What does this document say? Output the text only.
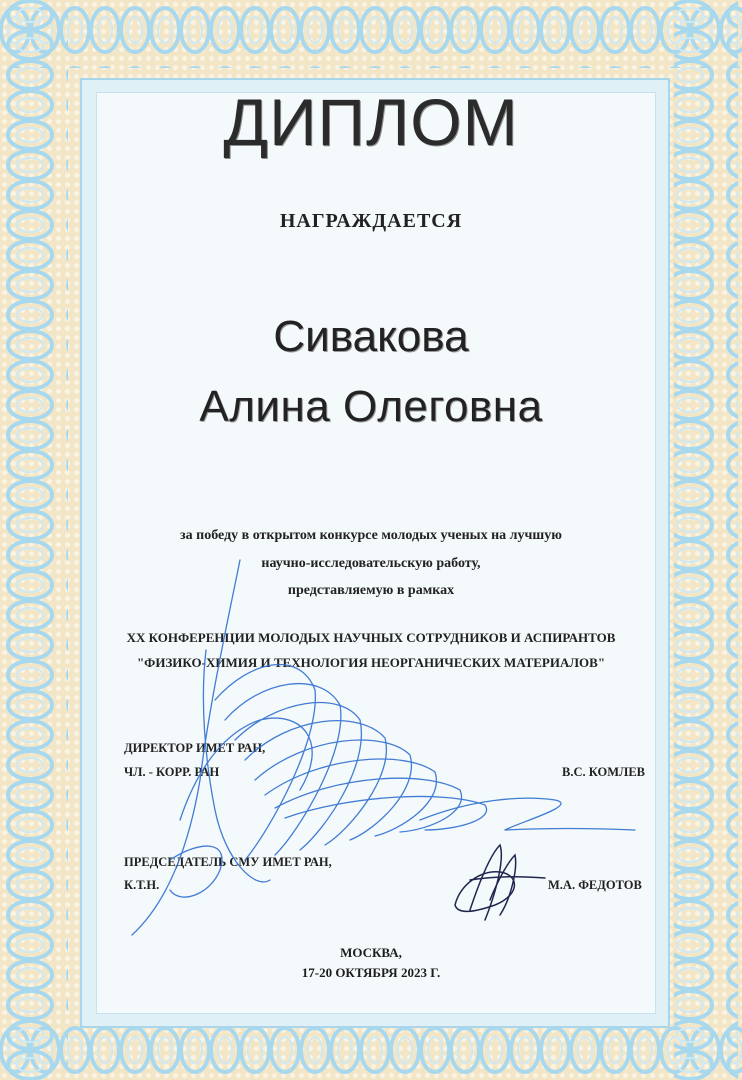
ДИПЛОМ
НАГРАЖДАЕТСЯ
Сивакова
Алина Олеговна
за победу в открытом конкурсе молодых ученых на лучшую
научно-исследовательскую работу,
представляемую в рамках
XX КОНФЕРЕНЦИИ МОЛОДЫХ НАУЧНЫХ СОТРУДНИКОВ И АСПИРАНТОВ
"ФИЗИКО-ХИМИЯ И ТЕХНОЛОГИЯ НЕОРГАНИЧЕСКИХ МАТЕРИАЛОВ"
ДИРЕКТОР ИМЕТ РАН,
ЧЛ. - КОРР. РАН	В.С. КОМЛЕВ
ПРЕДСЕДАТЕЛЬ СМУ ИМЕТ РАН,
К.Т.Н.	М.А. ФЕДОТОВ
МОСКВА,
17-20 ОКТЯБРЯ 2023 Г.
